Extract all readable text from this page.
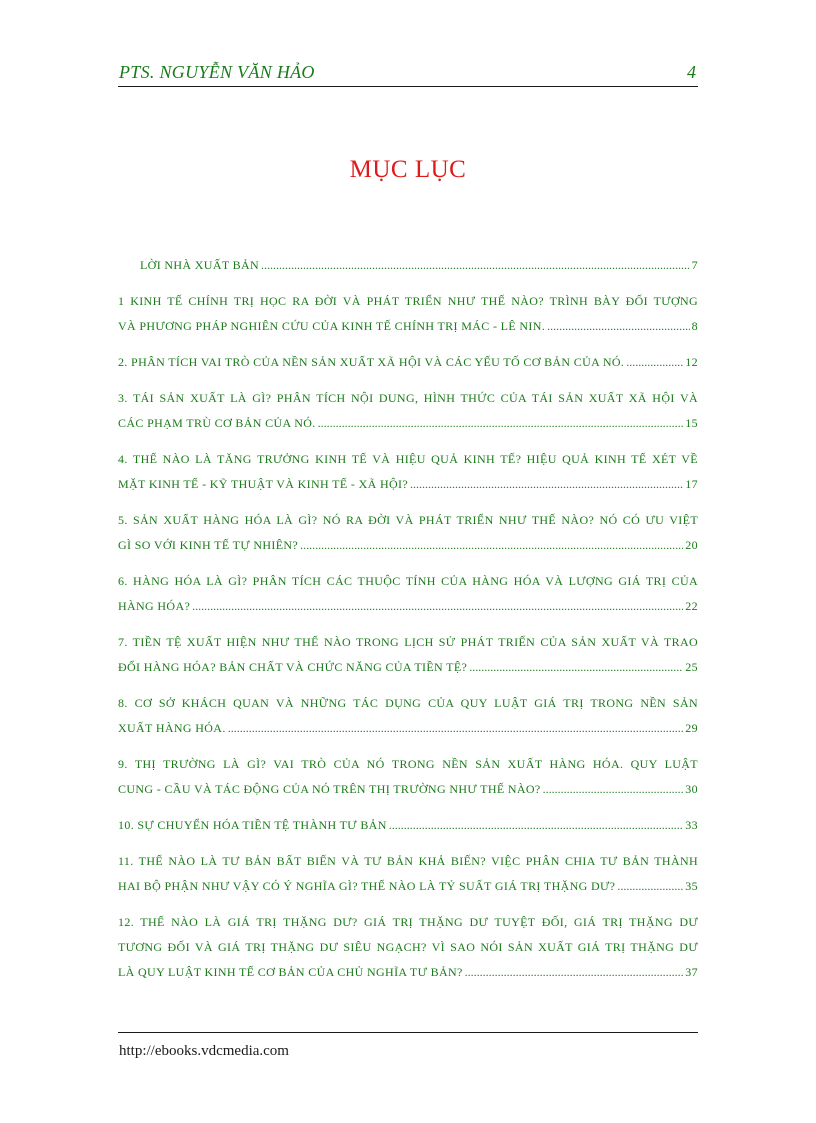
PTS. NGUYỄN VĂN HẢO	4
MỤC LỤC
LỜI NHÀ XUẤT BẢN .....	7
1 KINH TẾ CHÍNH TRỊ HỌC RA ĐỜI VÀ PHÁT TRIỂN NHƯ THẾ NÀO? TRÌNH BÀY ĐỐI TƯỢNG
VÀ PHƯƠNG PHÁP NGHIÊN CỨU CỦA KINH TẾ CHÍNH TRỊ MÁC - LÊ NIN. .....	8
2. PHÂN TÍCH VAI TRÒ CỦA NỀN SẢN XUẤT XÃ HỘI VÀ CÁC YẾU TỐ CƠ BẢN CỦA NÓ. .....	12
3. TÁI SẢN XUẤT LÀ GÌ? PHÂN TÍCH NỘI DUNG, HÌNH THỨC CỦA TÁI SẢN XUẤT XÃ HỘI VÀ
CÁC PHẠM TRÙ CƠ BẢN CỦA NÓ. .....	15
4. THẾ NÀO LÀ TĂNG TRƯỞNG KINH TẾ VÀ HIỆU QUẢ KINH TẾ? HIỆU QUẢ KINH TẾ XÉT VỀ
MẶT KINH TẾ - KỸ THUẬT VÀ KINH TẾ - XÃ HỘI? .....	17
5. SẢN XUẤT HÀNG HÓA LÀ GÌ? NÓ RA ĐỜI VÀ PHÁT TRIỂN NHƯ THẾ NÀO? NÓ CÓ ƯU VIỆT
GÌ SO VỚI KINH TẾ TỰ NHIÊN? .....	20
6. HÀNG HÓA LÀ GÌ? PHÂN TÍCH CÁC THUỘC TÍNH CỦA HÀNG HÓA VÀ LƯỢNG GIÁ TRỊ CỦA
HÀNG HÓA? .....	22
7. TIỀN TỆ XUẤT HIỆN NHƯ THẾ NÀO TRONG LỊCH SỬ PHÁT TRIỂN CỦA SẢN XUẤT VÀ TRAO
ĐỔI HÀNG HÓA? BẢN CHẤT VÀ CHỨC NĂNG CỦA TIỀN TỆ? .....	25
8. CƠ SỞ KHÁCH QUAN VÀ NHỮNG TÁC DỤNG CỦA QUY LUẬT GIÁ TRỊ TRONG NỀN SẢN
XUẤT HÀNG HÓA. .....	29
9. THỊ TRƯỜNG LÀ GÌ? VAI TRÒ CỦA NÓ TRONG NỀN SẢN XUẤT HÀNG HÓA. QUY LUẬT
CUNG - CẦU VÀ TÁC ĐỘNG CỦA NÓ TRÊN THỊ TRƯỜNG NHƯ THẾ NÀO? .....	30
10. SỰ CHUYỂN HÓA TIỀN TỆ THÀNH TƯ BẢN .....	33
11. THẾ NÀO LÀ TƯ BẢN BẤT BIẾN VÀ TƯ BẢN KHẢ BIẾN? VIỆC PHÂN CHIA TƯ BẢN THÀNH
HAI BỘ PHẬN NHƯ VẬY CÓ Ý NGHĨA GÌ? THẾ NÀO LÀ TỶ SUẤT GIÁ TRỊ THẶNG DƯ? .....	35
12. THẾ NÀO LÀ GIÁ TRỊ THẶNG DƯ? GIÁ TRỊ THẶNG DƯ TUYỆT ĐỐI, GIÁ TRỊ THẶNG DƯ
TƯƠNG ĐỐI VÀ GIÁ TRỊ THẶNG DƯ SIÊU NGẠCH? VÌ SAO NÓI SẢN XUẤT GIÁ TRỊ THẶNG DƯ
LÀ QUY LUẬT KINH TẾ CƠ BẢN CỦA CHỦ NGHĨA TƯ BẢN? .....	37
http://ebooks.vdcmedia.com
